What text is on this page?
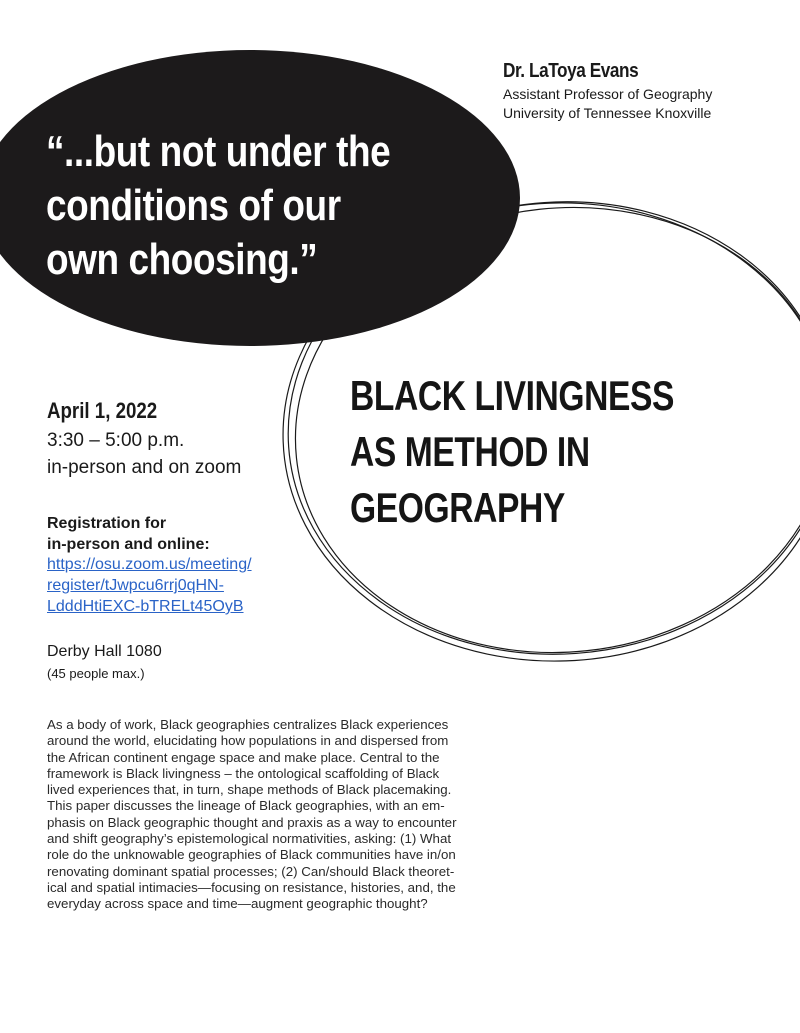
Dr. LaToya Evans
Assistant Professor of Geography
University of Tennessee Knoxville
“...but not under the
conditions of our
own choosing.”
BLACK LIVINGNESS
AS METHOD IN
GEOGRAPHY
April 1, 2022
3:30 – 5:00 p.m.
in-person and on zoom
Registration for
in-person and online:
https://osu.zoom.us/meeting/
register/tJwpcu6rrj0qHN-
LdddHtiEXC-bTRELt45OyB
Derby Hall 1080
(45 people max.)
As a body of work, Black geographies centralizes Black experiences
around the world, elucidating how populations in and dispersed from
the African continent engage space and make place. Central to the
framework is Black livingness – the ontological scaffolding of Black
lived experiences that, in turn, shape methods of Black placemaking.
This paper discusses the lineage of Black geographies, with an em-
phasis on Black geographic thought and praxis as a way to encounter
and shift geography’s epistemological normativities, asking: (1) What
role do the unknowable geographies of Black communities have in/on
renovating dominant spatial processes; (2) Can/should Black theoret-
ical and spatial intimacies—focusing on resistance, histories, and, the
everyday across space and time—augment geographic thought?
